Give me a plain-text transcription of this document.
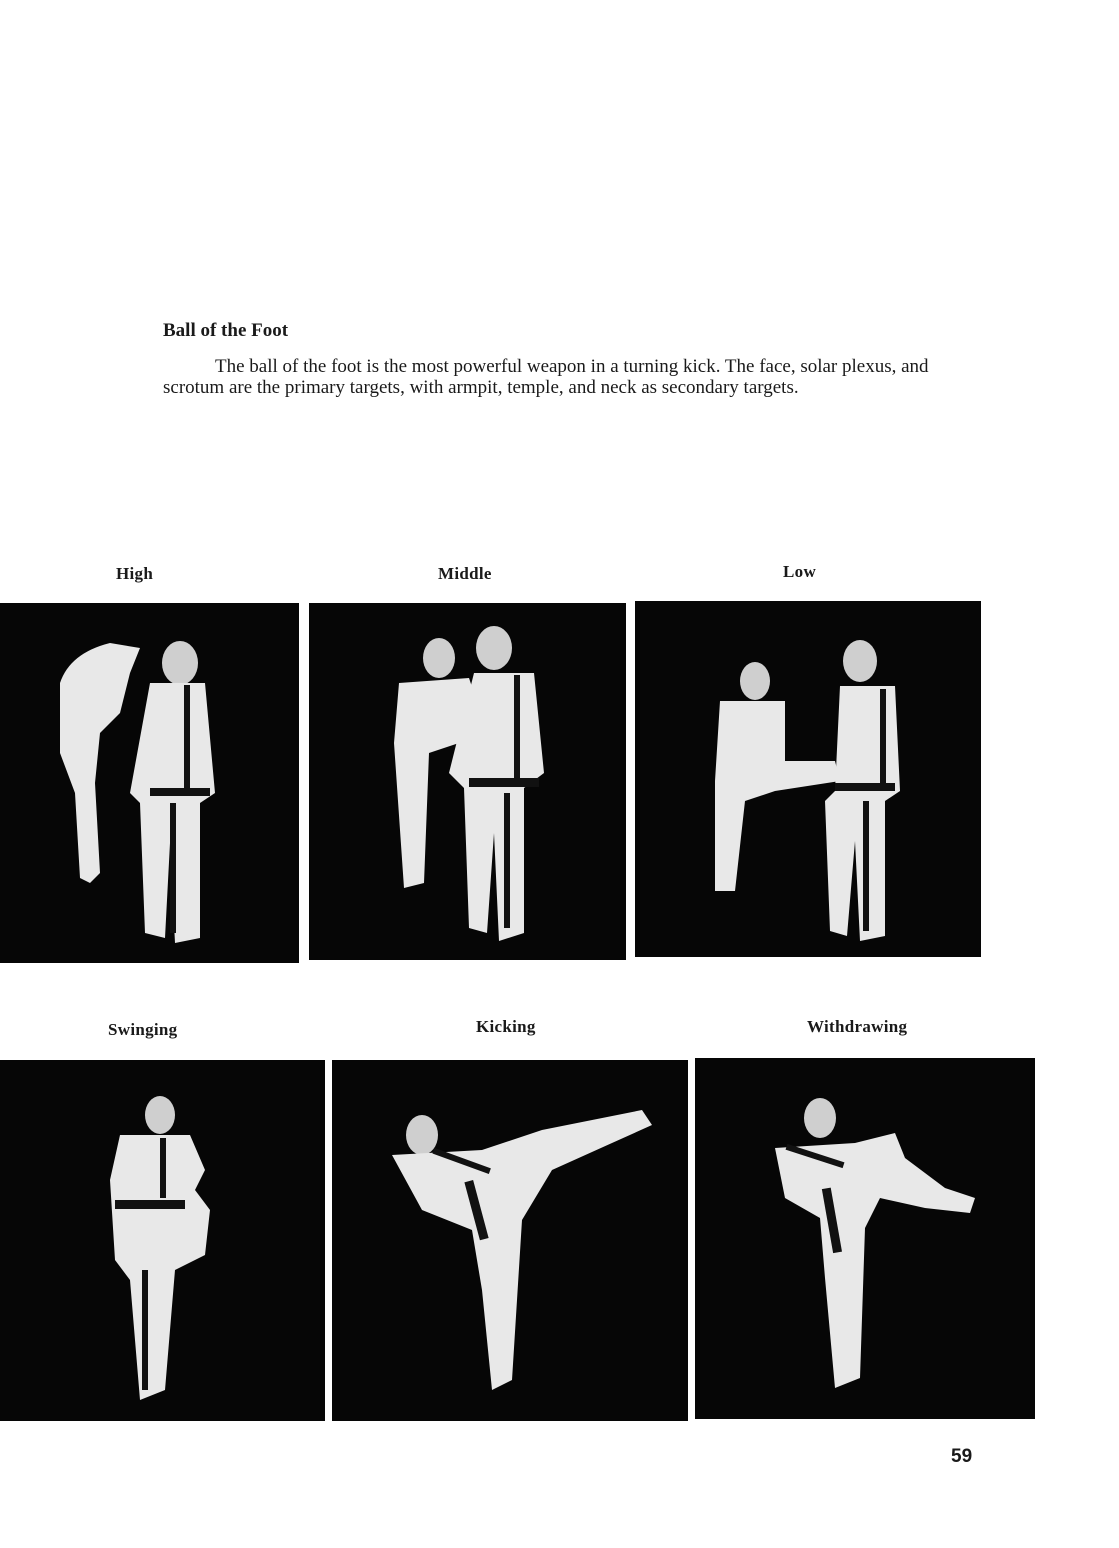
Ball of the Foot

The ball of the foot is the most powerful weapon in a turning kick. The face, solar plexus, and scrotum are the primary targets, with armpit, temple, and neck as secondary targets.

High	Middle	Low
Swinging	Kicking	Withdrawing
59
